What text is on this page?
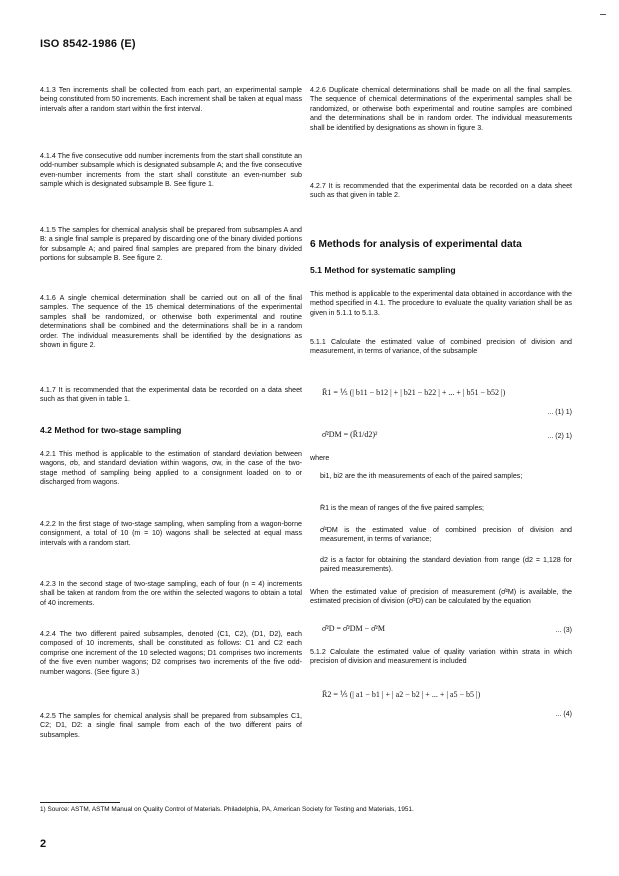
ISO 8542-1986 (E)

4.1.3 Ten increments shall be collected from each part, an experimental sample being constituted from 50 increments. Each increment shall be taken at equal mass intervals after a random start within the first interval.

4.1.4 The five consecutive odd number increments from the start shall constitute an odd-number subsample which is designated subsample A; and the five consecutive even-number increments from the start shall constitute an even-number sub sample which is designated subsample B. See figure 1.

4.1.5 The samples for chemical analysis shall be prepared from subsamples A and B: a single final sample is prepared by discarding one of the binary divided portions for subsample A; and paired final samples are prepared from the binary divided portions for subsample B. See figure 2.

4.1.6 A single chemical determination shall be carried out on all of the final samples. The sequence of the 15 chemical determinations of the experimental samples shall be randomized, or otherwise both experimental and routine determinations shall be combined and the determinations shall be in a random order. The individual measurements shall be identified by the designations as shown in figure 2.

4.1.7 It is recommended that the experimental data be recorded on a data sheet such as that given in table 1.

4.2 Method for two-stage sampling

4.2.1 This method is applicable to the estimation of standard deviation between wagons, σb, and standard deviation within wagons, σw, in the case of the two-stage method of sampling being applied to a consignment loaded on to or discharged from wagons.

4.2.2 In the first stage of two-stage sampling, when sampling from a wagon-borne consignment, a total of 10 (m = 10) wagons shall be selected at equal mass intervals with a random start.

4.2.3 In the second stage of two-stage sampling, each of four (n = 4) increments shall be taken at random from the ore within the selected wagons to obtain a total of 40 increments.

4.2.4 The two different paired subsamples, denoted (C1, C2), (D1, D2), each composed of 10 increments, shall be constituted as follows: C1 and C2 each comprise one increment of the 10 selected wagons; D1 comprises two increments of the five even number wagons; D2 comprises two increments of the five odd-number wagons. (See figure 3.)

4.2.5 The samples for chemical analysis shall be prepared from subsamples C1, C2; D1, D2: a single final sample from each of the two different pairs of subsamples.

4.2.6 Duplicate chemical determinations shall be made on all the final samples. The sequence of chemical determinations of the experimental samples shall be randomized, or otherwise both experimental and routine samples are combined and the determinations shall be in random order. The individual measurements shall be identified by designations as shown in figure 3.

4.2.7 It is recommended that the experimental data be recorded on a data sheet such as that given in table 2.

6 Methods for analysis of experimental data
5.1 Method for systematic sampling

This method is applicable to the experimental data obtained in accordance with the method specified in 4.1. The procedure to evaluate the quality variation shall be as given in 5.1.1 to 5.1.3.

5.1.1 Calculate the estimated value of combined precision of division and measurement, in terms of variance, of the subsample

R̄1 = ⅕ (| b11 − b12 | + | b21 − b22 | + ... + | b51 − b52 |)
... (1) 1)
σ̂²DM = (R̄1/d2)²	... (2) 1)
where

bi1, bi2 are the ith measurements of each of the paired samples;

R̄1 is the mean of ranges of the five paired samples;

σ̂²DM is the estimated value of combined precision of division and measurement, in terms of variance;

d2 is a factor for obtaining the standard deviation from range (d2 = 1,128 for paired measurements).

When the estimated value of precision of measurement (σ̂²M) is available, the estimated precision of division (σ̂²D) can be calculated by the equation

σ̂²D = σ̂²DM − σ̂²M	... (3)

5.1.2 Calculate the estimated value of quality variation within strata in which precision of division and measurement is included

R̄2 = ⅕ (| a1 − b1 | + | a2 − b2 | + ... + | a5 − b5 |)
... (4)
1) Source: ASTM, ASTM Manual on Quality Control of Materials. Philadelphia, PA, American Society for Testing and Materials, 1951.
2
